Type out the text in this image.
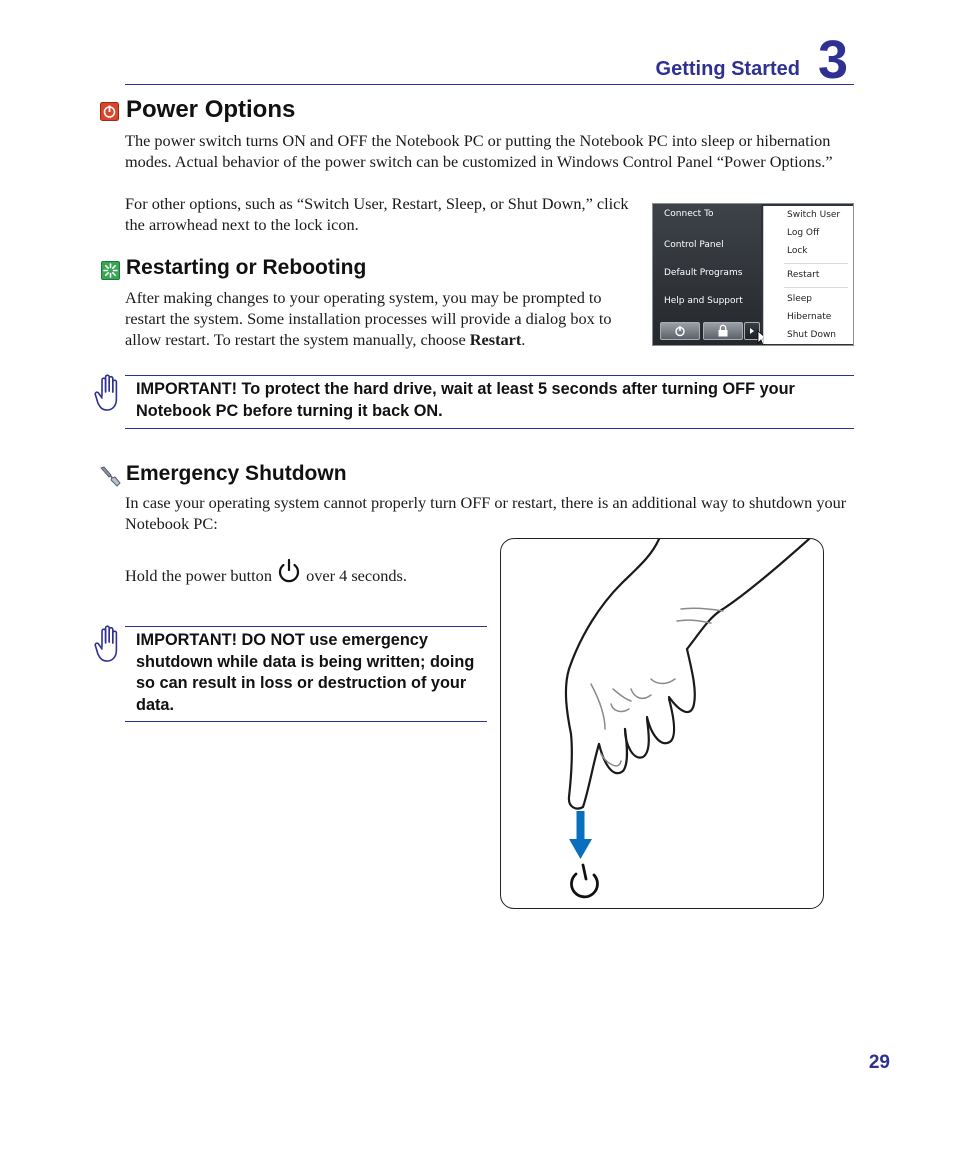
Getting Started 3
Power Options

The power switch turns ON and OFF the Notebook PC or putting the Notebook PC into sleep or hibernation modes. Actual behavior of the power switch can be customized in Windows Control Panel “Power Options.”

For other options, such as “Switch User, Restart, Sleep, or Shut Down,” click the arrowhead next to the lock icon.

Restarting or Rebooting

After making changes to your operating system, you may be prompted to restart the system. Some installation processes will provide a dialog box to allow restart. To restart the system manually, choose Restart.

Connect To
Control Panel
Default Programs
Help and Support
Switch User
Log Off
Lock
Restart
Sleep
Hibernate
Shut Down

IMPORTANT! To protect the hard drive, wait at least 5 seconds after turning OFF your Notebook PC before turning it back ON.

Emergency Shutdown

In case your operating system cannot properly turn OFF or restart, there is an additional way to shutdown your Notebook PC:

Hold the power button over 4 seconds.

IMPORTANT! DO NOT use emergency shutdown while data is being written; doing so can result in loss or destruction of your data.

29
